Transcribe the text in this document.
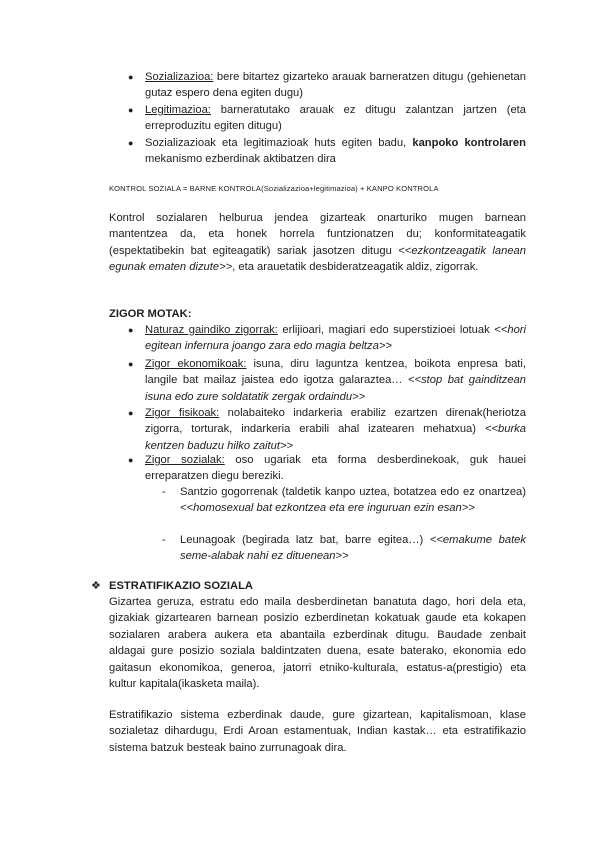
● Sozializazioa: bere bitartez gizarteko arauak barneratzen ditugu (gehienetan gutaz espero dena egiten dugu)
● Legitimazioa: barneratutako arauak ez ditugu zalantzan jartzen (eta erreproduzitu egiten ditugu)
● Sozializazioak eta legitimazioak huts egiten badu, kanpoko kontrolaren mekanismo ezberdinak aktibatzen dira
KONTROL SOZIALA = BARNE KONTROLA(Sozializazioa+legitimazioa) + KANPO KONTROLA
Kontrol sozialaren helburua jendea gizarteak onarturiko mugen barnean mantentzea da, eta honek horrela funtzionatzen du; konformitateagatik (espektatibekin bat egiteagatik) sariak jasotzen ditugu <<ezkontzeagatik lanean egunak ematen dizute>>, eta arauetatik desbideratzeagatik aldiz, zigorrak.
ZIGOR MOTAK:
● Naturaz gaindiko zigorrak: erlijioari, magiari edo superstizioei lotuak <<hori egitean infernura joango zara edo magia beltza>>
● Zigor ekonomikoak: isuna, diru laguntza kentzea, boikota enpresa bati, langile bat mailaz jaistea edo igotza galaraztea… <<stop bat gainditzean isuna edo zure soldatatik zergak ordaindu>>
● Zigor fisikoak: nolabaiteko indarkeria erabiliz ezartzen direnak(heriotza zigorra, torturak, indarkeria erabili ahal izatearen mehatxua) <<burka kentzen baduzu hilko zaitut>>
● Zigor sozialak: oso ugariak eta forma desberdinekoak, guk hauei erreparatzen diegu bereziki.
- Santzio gogorrenak (taldetik kanpo uztea, botatzea edo ez onartzea) <<homosexual bat ezkontzea eta ere inguruan ezin esan>>
- Leunagoak (begirada latz bat, barre egitea…) <<emakume batek seme-alabak nahi ez dituenean>>
❖ ESTRATIFIKAZIO SOZIALA
Gizartea geruza, estratu edo maila desberdinetan banatuta dago, hori dela eta, gizakiak gizartearen barnean posizio ezberdinetan kokatuak gaude eta kokapen sozialaren arabera aukera eta abantaila ezberdinak ditugu. Baudade zenbait aldagai gure posizio soziala baldintzaten duena, esate baterako, ekonomia edo gaitasun ekonomikoa, generoa, jatorri etniko-kulturala, estatus-a(prestigio) eta kultur kapitala(ikasketa maila).
Estratifikazio sistema ezberdinak daude, gure gizartean, kapitalismoan, klase sozialetaz dihardugu, Erdi Aroan estamentuak, Indian kastak… eta estratifikazio sistema batzuk besteak baino zurrunagoak dira.
